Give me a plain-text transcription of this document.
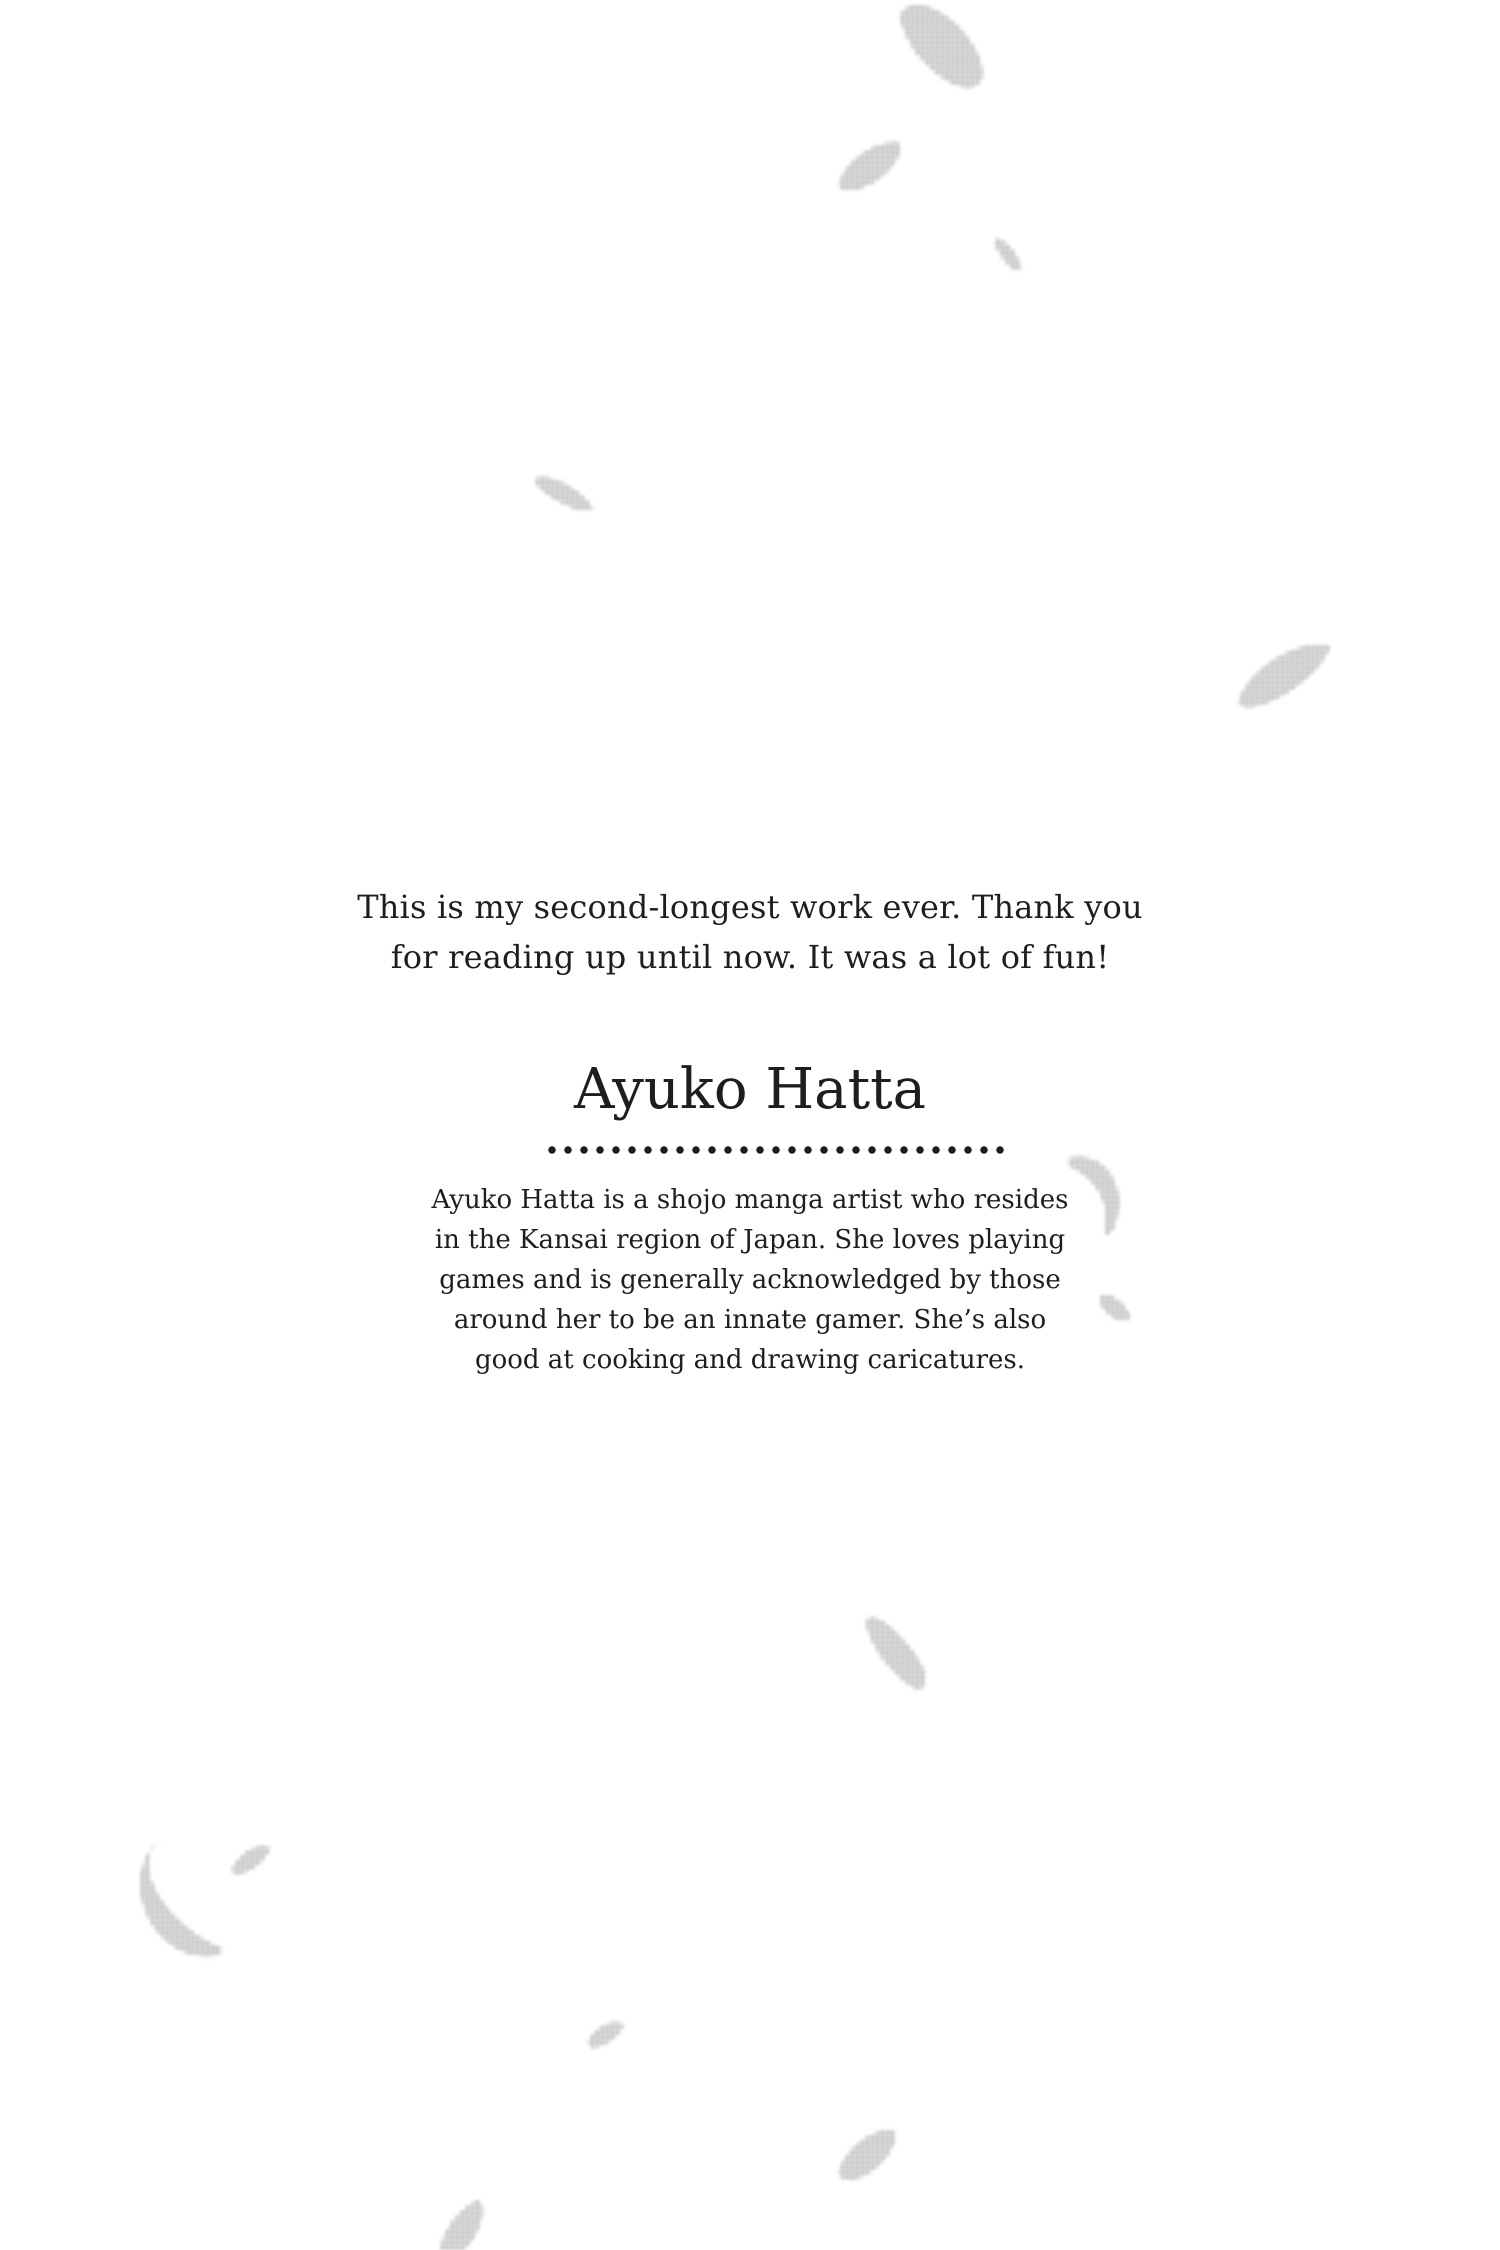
This is my second-longest work ever. Thank you
for reading up until now. It was a lot of fun!
Ayuko Hatta
Ayuko Hatta is a shojo manga artist who resides
in the Kansai region of Japan. She loves playing
games and is generally acknowledged by those
around her to be an innate gamer. She’s also
good at cooking and drawing caricatures.
